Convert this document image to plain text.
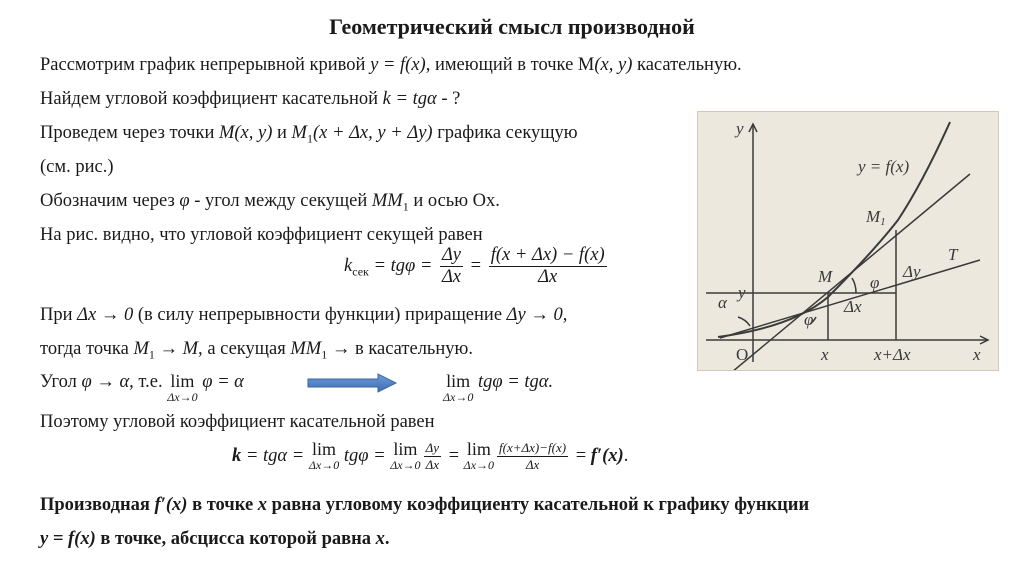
Геометрический смысл производной
Рассмотрим график непрерывной кривой y = f(x), имеющий в точке М(x, y) касательную.
Найдем угловой коэффициент касательной k = tgα - ?
Проведем через точки M(x, y) и $M_1(x + \Delta x$, y + Δy) графика секущую
(см. рис.)
Обозначим через φ - угол между секущей $MM_1$ и осью Ох.
На рис. видно, что угловой коэффициент секущей равен
$k_{сек} = tg\varphi = \frac{\Delta y}{\Delta x} = \frac{f(x + \Delta x) - f(x)}{\Delta x}$
При Δx → 0 (в силу непрерывности функции) приращение Δy → 0,
тогда точка $M_1 \to M$, а секущая $MM_1 \to в$ касательную.
Угол φ → α, т.е. lim
Δx→0
φ = α	lim
Δx→0
tgφ = tgα.
Поэтому угловой коэффициент касательной равен
k = tgα = lim
Δx→0 tgφ = lim
$\Delta x\to 0 \frac{\Delta y}{\Delta x} = \lim$
$\Delta x\to 0 \frac{f(x+\Delta x)-f(x)}{\Delta x} = f'(x)$.
Производная f′(x) в точке x равна угловому коэффициенту касательной к графику функции
y = f(x) в точке, абсцисса которой равна x.
y
x
O
y = f(x)
M
M1
T
φ
φ
α	Δx
Δy
y
x	x+Δx
